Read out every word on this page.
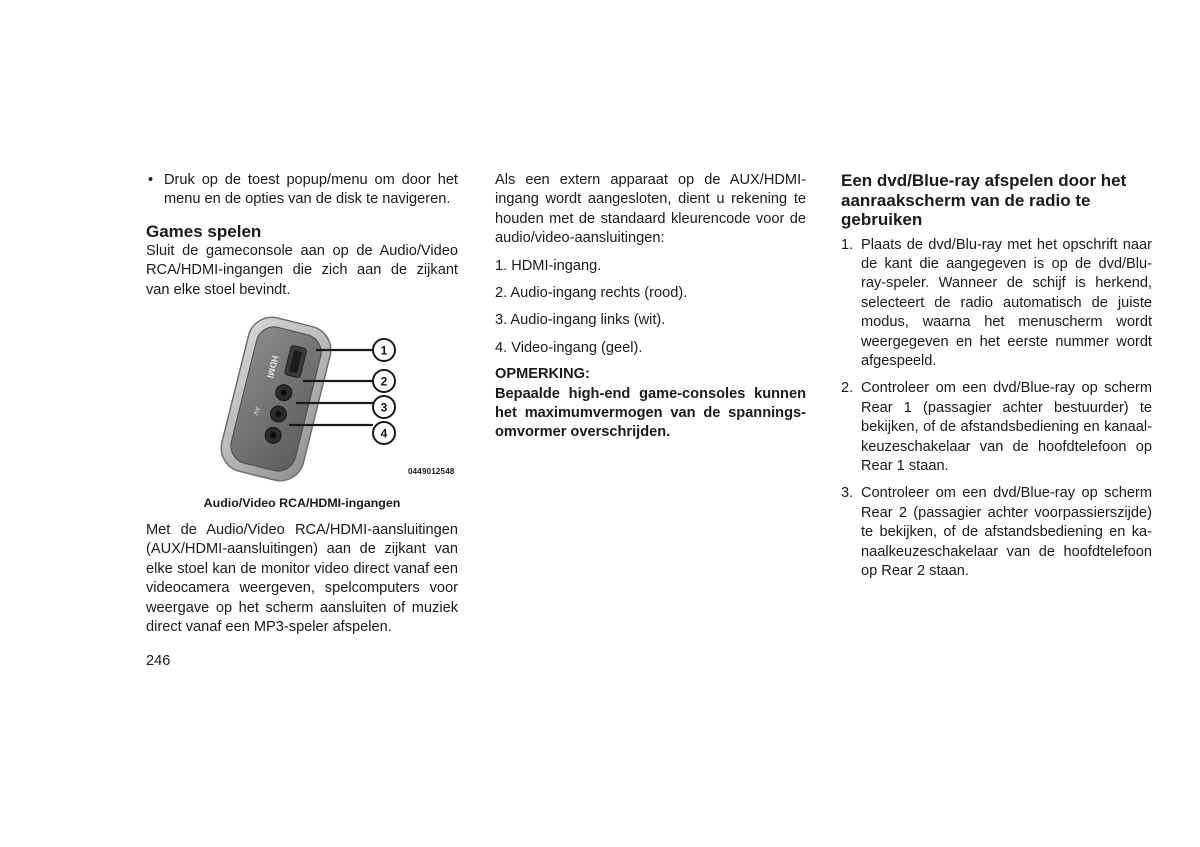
• Druk op de toest popup/menu om door het menu en de opties van de disk te navigeren.
Games spelen

Sluit de gameconsole aan op de Audio/Video RCA/HDMI-ingangen die zich aan de zijkant van elke stoel bevindt.

HDMI
AV
1
2
3
4
0449012548
Audio/Video RCA/HDMI-ingangen

Met de Audio/Video RCA/HDMI-aansluitingen (AUX/HDMI-aansluitingen) aan de zijkant van elke stoel kan de monitor video direct vanaf een videocamera weergeven, spelcomputers voor weergave op het scherm aansluiten of muziek direct vanaf een MP3-speler afspelen.

Als een extern apparaat op de AUX/HDMI-ingang wordt aangesloten, dient u rekening te houden met de standaard kleurencode voor de audio/video-aansluitingen:

1. HDMI-ingang.
2. Audio-ingang rechts (rood).
3. Audio-ingang links (wit).
4. Video-ingang (geel).
OPMERKING:
Bepaalde high-end game-consoles kunnen het maximumvermogen van de spannings-omvormer overschrijden.
Een dvd/Blue-ray afspelen door het aanraakscherm van de radio te gebruiken
1. Plaats de dvd/Blu-ray met het opschrift naar de kant die aangegeven is op de dvd/Blu-ray-speler. Wanneer de schijf is herkend, selecteert de radio automatisch de juiste modus, waarna het menuscherm wordt weergegeven en het eerste nummer wordt afgespeeld.
2. Controleer om een dvd/Blue-ray op scherm Rear 1 (passagier achter bestuurder) te bekijken, of de afstandsbediening en kanaal-keuzeschakelaar van de hoofdtelefoon op Rear 1 staan.
3. Controleer om een dvd/Blue-ray op scherm Rear 2 (passagier achter voorpassierszijde) te bekijken, of de afstandsbediening en ka-naalkeuzeschakelaar van de hoofdtelefoon op Rear 2 staan.
246
